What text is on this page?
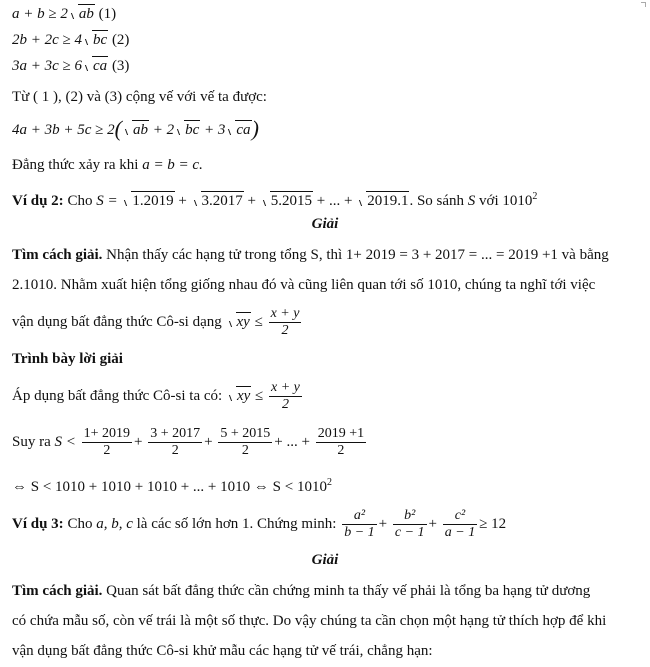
a + b ≥ 2 ab (1)
2b + 2c ≥ 4 bc (2)
3a + 3c ≥ 6 ca (3)
Từ ( 1 ), (2) và (3) cộng vế với vế ta được:
4a + 3b + 5c ≥ 2( ab + 2 bc + 3 ca)
Đẳng thức xảy ra khi a = b = c.
Ví dụ 2: Cho S = 1.2019 + 3.2017 + 5.2015 + ... + 2019.1. So sánh S với 1010$^2$
Giải
Tìm cách giải. Nhận thấy các hạng tử trong tổng S, thì 1+ 2019 = 3 + 2017 = ... = 2019 +1 và bằng
2.1010. Nhằm xuất hiện tổng giống nhau đó và cũng liên quan tới số 1010, chúng ta nghĩ tới việc
vận dụng bất đẳng thức Cô-si dạng xy ≤ $\frac{x + y}{2}$
Trình bày lời giải
Áp dụng bất đẳng thức Cô-si ta có: xy ≤ $\frac{x + y}{2}$
Suy ra $S < \frac{1+ 2019}{2} + \frac{3 + 2017}{2} + \frac{5 + 2015}{2}$ + ... + $\frac{2019 +1}{2}$
⇔ S < 1010 + 1010 + 1010 + ... + 1010 ⇔ $S < 1010^2$
Ví dụ 3: Cho a, b, c là các số lớn hơn 1. Chứng minh: $\frac{\text{a²}}{b - 1} + \frac{\text{b²}}{c - 1} + \frac{\text{c²}}{a - 1} \ge 12$
Giải
Tìm cách giải. Quan sát bất đẳng thức cần chứng minh ta thấy vế phải là tổng ba hạng tử dương
có chứa mẫu số, còn vế trái là một số thực. Do vậy chúng ta cần chọn một hạng tử thích hợp để khi
vận dụng bất đẳng thức Cô-si khử mẫu các hạng tử vế trái, chẳng hạn:
